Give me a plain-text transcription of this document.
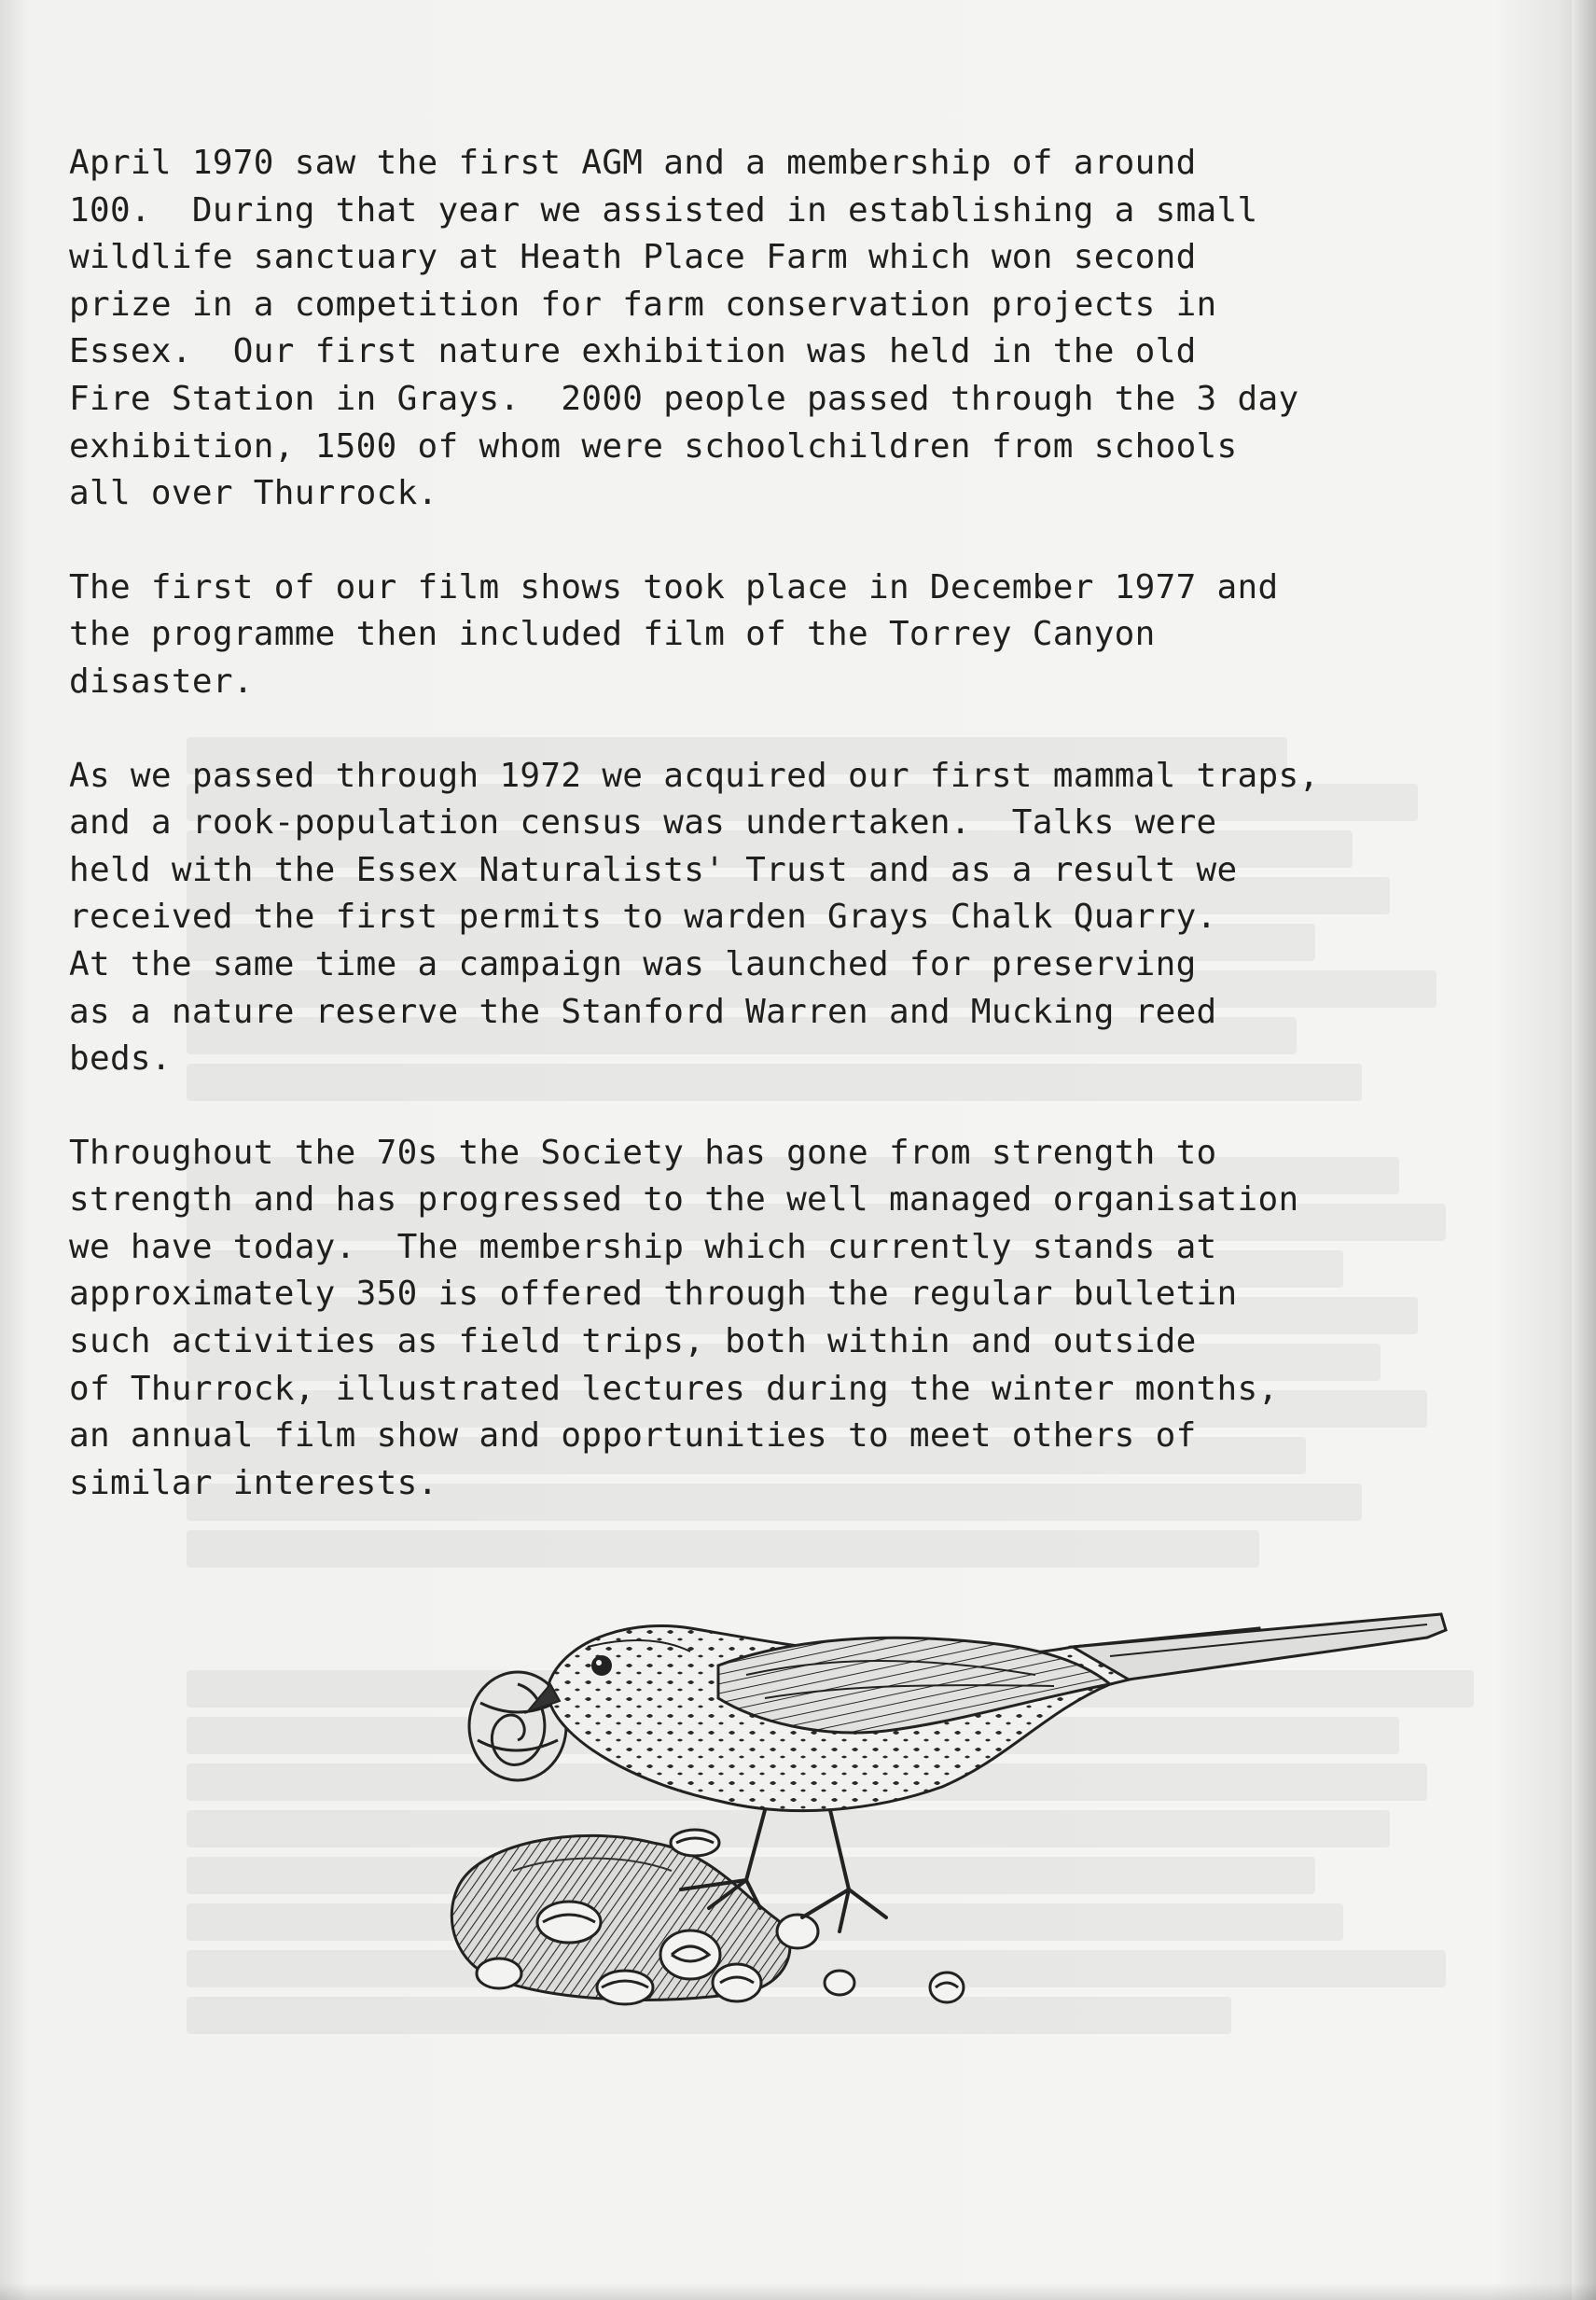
April 1970 saw the first AGM and a membership of around
100.  During that year we assisted in establishing a small
wildlife sanctuary at Heath Place Farm which won second
prize in a competition for farm conservation projects in
Essex.  Our first nature exhibition was held in the old
Fire Station in Grays.  2000 people passed through the 3 day
exhibition, 1500 of whom were schoolchildren from schools
all over Thurrock.

The first of our film shows took place in December 1977 and
the programme then included film of the Torrey Canyon
disaster.

As we passed through 1972 we acquired our first mammal traps,
and a rook-population census was undertaken.  Talks were
held with the Essex Naturalists' Trust and as a result we
received the first permits to warden Grays Chalk Quarry.
At the same time a campaign was launched for preserving
as a nature reserve the Stanford Warren and Mucking reed
beds.

Throughout the 70s the Society has gone from strength to
strength and has progressed to the well managed organisation
we have today.  The membership which currently stands at
approximately 350 is offered through the regular bulletin
such activities as field trips, both within and outside
of Thurrock, illustrated lectures during the winter months,
an annual film show and opportunities to meet others of
similar interests.
